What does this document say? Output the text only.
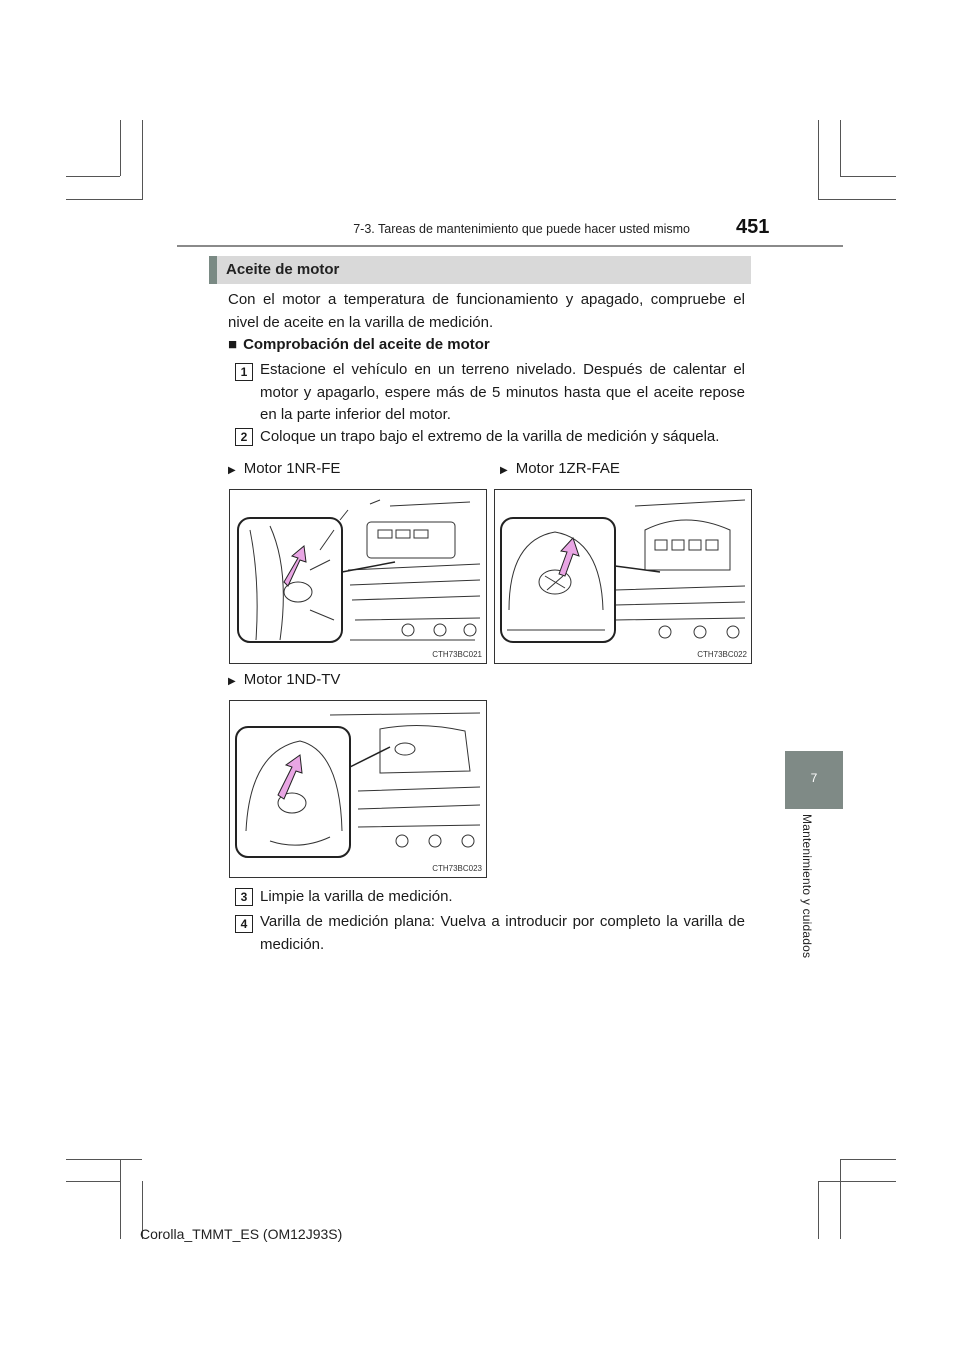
7-3. Tareas de mantenimiento que puede hacer usted mismo 451
Aceite de motor
Con el motor a temperatura de funcionamiento y apagado, compruebe el nivel de aceite en la varilla de medición.
■ Comprobación del aceite de motor
1 Estacione el vehículo en un terreno nivelado. Después de calentar el motor y apagarlo, espere más de 5 minutos hasta que el aceite repose en la parte inferior del motor.
2 Coloque un trapo bajo el extremo de la varilla de medición y sáquela.
▶ Motor 1NR-FE	▶ Motor 1ZR-FAE
CTH73BC021	CTH73BC022
▶ Motor 1ND-TV
CTH73BC023
3 Limpie la varilla de medición.
4 Varilla de medición plana: Vuelva a introducir por completo la varilla de medición.
7
Mantenimiento y cuidados
Corolla_TMMT_ES (OM12J93S)
